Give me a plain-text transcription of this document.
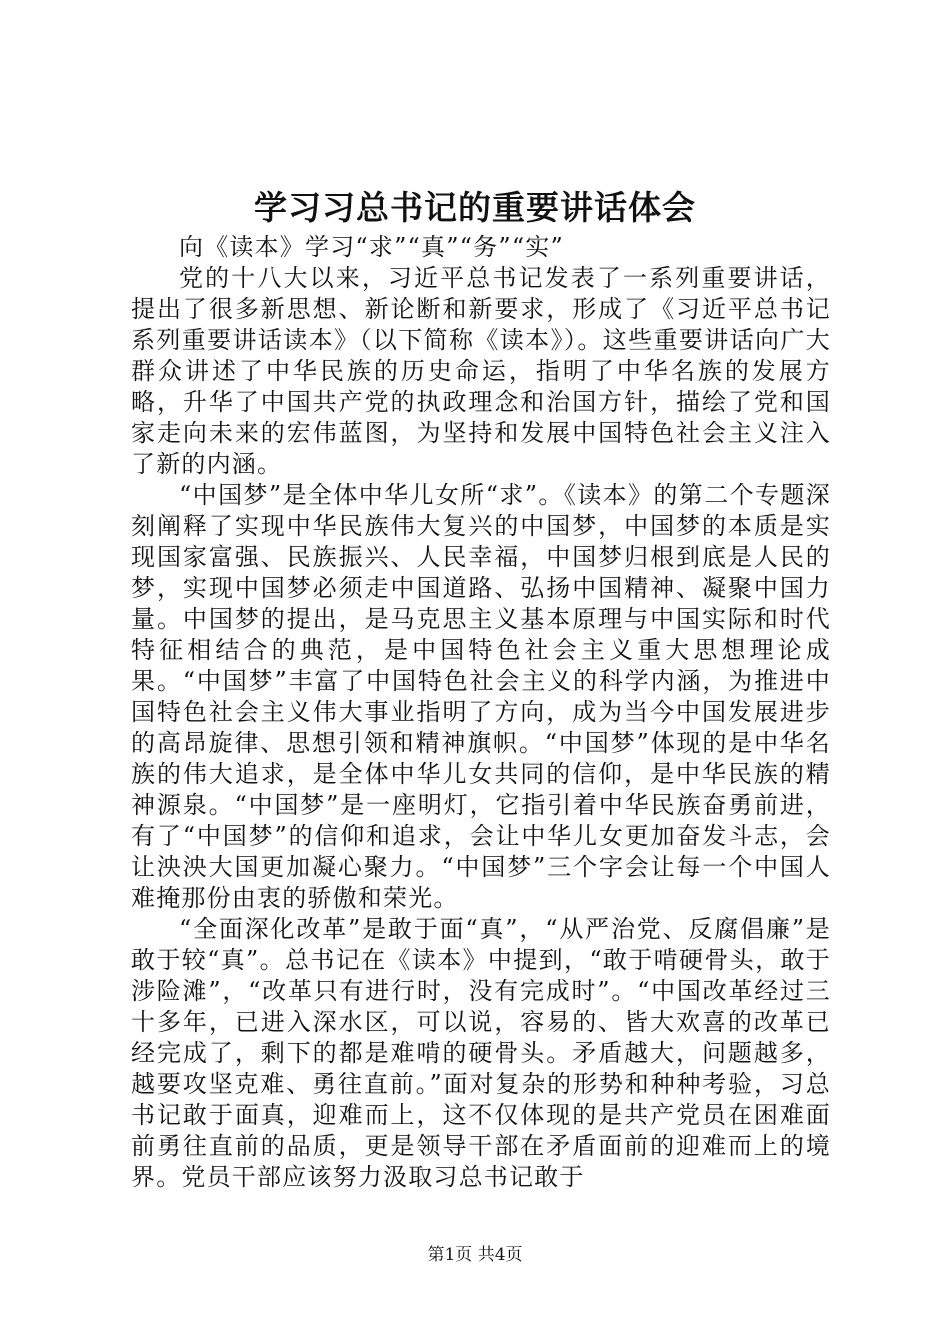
学习习总书记的重要讲话体会
向《读本》学习“求”“真”“务”“实”

党的十八大以来，习近平总书记发表了一系列重要讲话，提出了很多新思想、新论断和新要求，形成了《习近平总书记系列重要讲话读本》（以下简称《读本》）。这些重要讲话向广大群众讲述了中华民族的历史命运，指明了中华名族的发展方略，升华了中国共产党的执政理念和治国方针，描绘了党和国家走向未来的宏伟蓝图，为坚持和发展中国特色社会主义注入了新的内涵。

“中国梦”是全体中华儿女所“求”。《读本》的第二个专题深刻阐释了实现中华民族伟大复兴的中国梦，中国梦的本质是实现国家富强、民族振兴、人民幸福，中国梦归根到底是人民的梦，实现中国梦必须走中国道路、弘扬中国精神、凝聚中国力量。中国梦的提出，是马克思主义基本原理与中国实际和时代特征相结合的典范，是中国特色社会主义重大思想理论成果。“中国梦”丰富了中国特色社会主义的科学内涵，为推进中国特色社会主义伟大事业指明了方向，成为当今中国发展进步的高昂旋律、思想引领和精神旗帜。“中国梦”体现的是中华名族的伟大追求，是全体中华儿女共同的信仰，是中华民族的精神源泉。“中国梦”是一座明灯，它指引着中华民族奋勇前进，有了“中国梦”的信仰和追求，会让中华儿女更加奋发斗志，会让泱泱大国更加凝心聚力。“中国梦”三个字会让每一个中国人难掩那份由衷的骄傲和荣光。

“全面深化改革”是敢于面“真”，“从严治党、反腐倡廉”是敢于较“真”。总书记在《读本》中提到，“敢于啃硬骨头，敢于涉险滩”，“改革只有进行时，没有完成时”。“中国改革经过三十多年，已进入深水区，可以说，容易的、皆大欢喜的改革已经完成了，剩下的都是难啃的硬骨头。矛盾越大，问题越多，越要攻坚克难、勇往直前。”面对复杂的形势和种种考验，习总书记敢于面真，迎难而上，这不仅体现的是共产党员在困难面前勇往直前的品质，更是领导干部在矛盾面前的迎难而上的境界。党员干部应该努力汲取习总书记敢于

第1页 共4页
